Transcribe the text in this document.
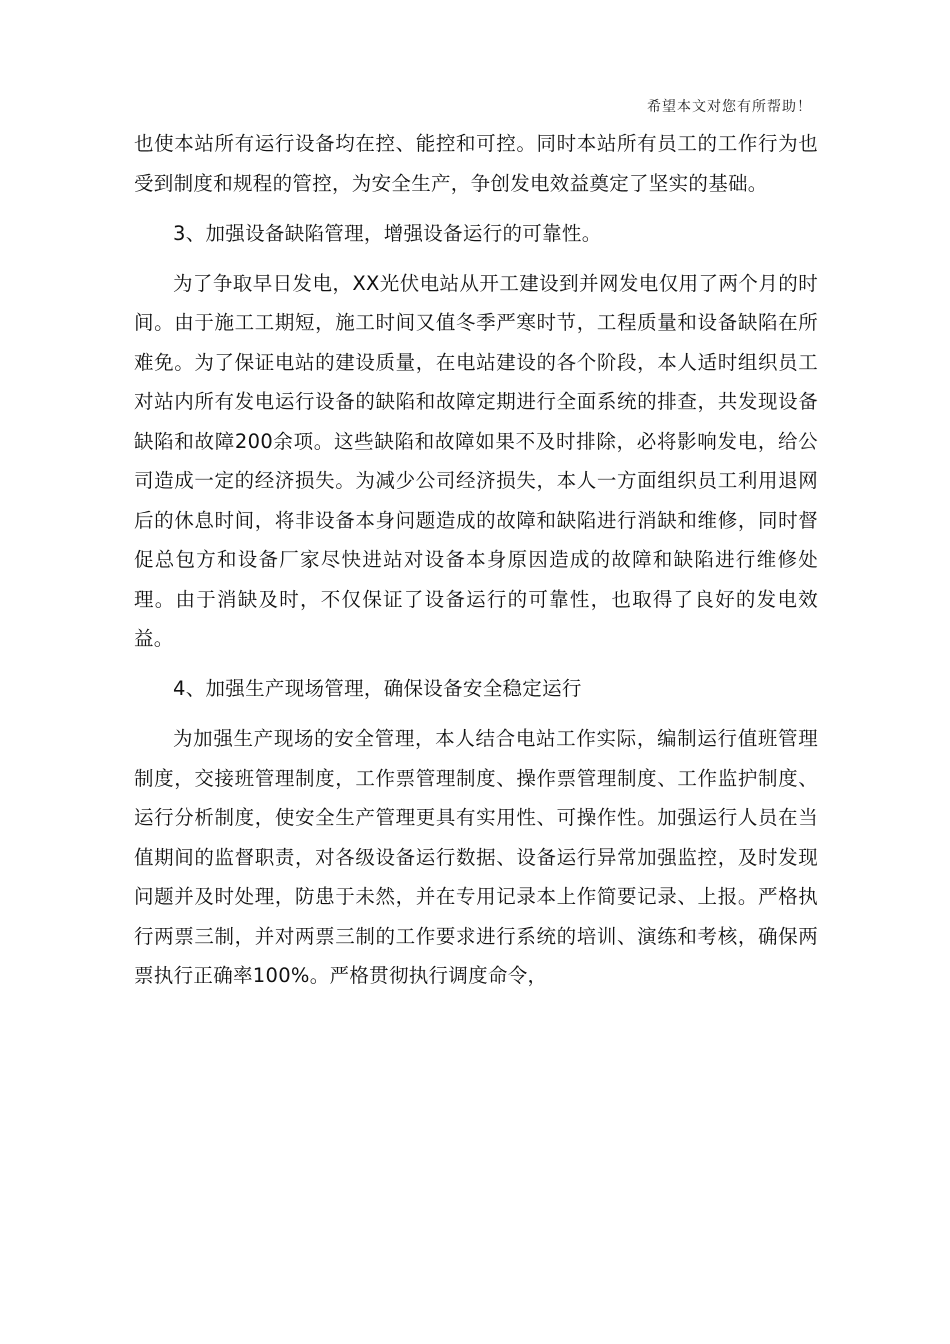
希望本文对您有所帮助！

也使本站所有运行设备均在控、能控和可控。同时本站所有员工的工作行为也受到制度和规程的管控，为安全生产，争创发电效益奠定了坚实的基础。

3、加强设备缺陷管理，增强设备运行的可靠性。

为了争取早日发电，XX光伏电站从开工建设到并网发电仅用了两个月的时间。由于施工工期短，施工时间又值冬季严寒时节，工程质量和设备缺陷在所难免。为了保证电站的建设质量，在电站建设的各个阶段，本人适时组织员工对站内所有发电运行设备的缺陷和故障定期进行全面系统的排查，共发现设备缺陷和故障200余项。这些缺陷和故障如果不及时排除，必将影响发电，给公司造成一定的经济损失。为减少公司经济损失，本人一方面组织员工利用退网后的休息时间，将非设备本身问题造成的故障和缺陷进行消缺和维修，同时督促总包方和设备厂家尽快进站对设备本身原因造成的故障和缺陷进行维修处理。由于消缺及时，不仅保证了设备运行的可靠性，也取得了良好的发电效益。

4、加强生产现场管理，确保设备安全稳定运行

为加强生产现场的安全管理，本人结合电站工作实际，编制运行值班管理制度，交接班管理制度，工作票管理制度、操作票管理制度、工作监护制度、运行分析制度，使安全生产管理更具有实用性、可操作性。加强运行人员在当值期间的监督职责，对各级设备运行数据、设备运行异常加强监控，及时发现问题并及时处理，防患于未然，并在专用记录本上作简要记录、上报。严格执行两票三制，并对两票三制的工作要求进行系统的培训、演练和考核，确保两票执行正确率100%。严格贯彻执行调度命令，
